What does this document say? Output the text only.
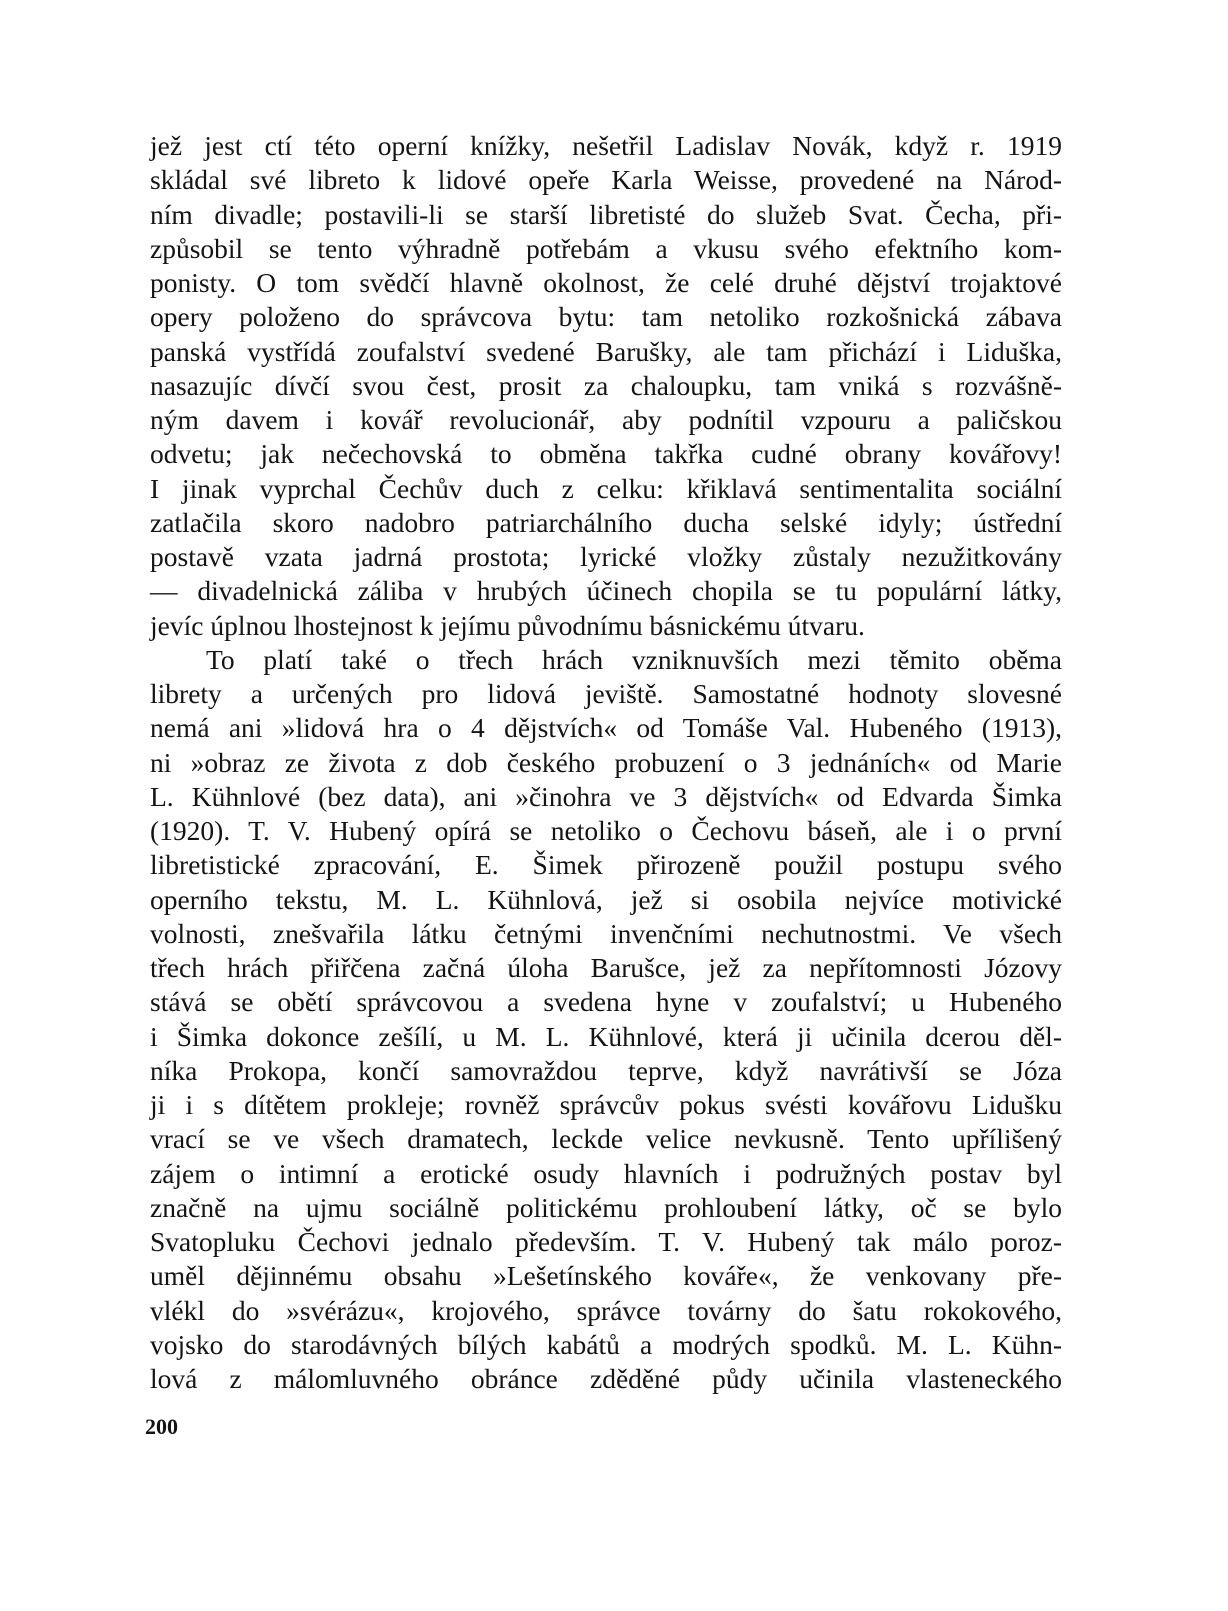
jež jest ctí této operní knížky, nešetřil Ladislav Novák, když r. 1919
skládal své libreto k lidové opeře Karla Weisse, provedené na Národ-
ním divadle; postavili-li se starší libretisté do služeb Svat. Čecha, při-
způsobil se tento výhradně potřebám a vkusu svého efektního kom-
ponisty. O tom svědčí hlavně okolnost, že celé druhé dějství trojaktové
opery položeno do správcova bytu: tam netoliko rozkošnická zábava
panská vystřídá zoufalství svedené Barušky, ale tam přichází i Liduška,
nasazujíc dívčí svou čest, prosit za chaloupku, tam vniká s rozvášně-
ným davem i kovář revolucionář, aby podnítil vzpouru a paličskou
odvetu; jak nečechovská to obměna takřka cudné obrany kovářovy!
I jinak vyprchal Čechův duch z celku: křiklavá sentimentalita sociální
zatlačila skoro nadobro patriarchálního ducha selské idyly; ústřední
postavě vzata jadrná prostota; lyrické vložky zůstaly nezužitkovány
— divadelnická záliba v hrubých účinech chopila se tu populární látky,
jevíc úplnou lhostejnost k jejímu původnímu básnickému útvaru.
To platí také o třech hrách vzniknuvších mezi těmito oběma
librety a určených pro lidová jeviště. Samostatné hodnoty slovesné
nemá ani »lidová hra o 4 dějstvích« od Tomáše Val. Hubeného (1913),
ni »obraz ze života z dob českého probuzení o 3 jednáních« od Marie
L. Kühnlové (bez data), ani »činohra ve 3 dějstvích« od Edvarda Šimka
(1920). T. V. Hubený opírá se netoliko o Čechovu báseň, ale i o první
libretistické zpracování, E. Šimek přirozeně použil postupu svého
operního tekstu, M. L. Kühnlová, jež si osobila nejvíce motivické
volnosti, znešvařila látku četnými invenčními nechutnostmi. Ve všech
třech hrách přiřčena začná úloha Barušce, jež za nepřítomnosti Józovy
stává se obětí správcovou a svedena hyne v zoufalství; u Hubeného
i Šimka dokonce zešílí, u M. L. Kühnlové, která ji učinila dcerou děl-
níka Prokopa, končí samovraždou teprve, když navrátivší se Józa
ji i s dítětem prokleje; rovněž správcův pokus svésti kovářovu Lidušku
vrací se ve všech dramatech, leckde velice nevkusně. Tento upřílišený
zájem o intimní a erotické osudy hlavních i podružných postav byl
značně na ujmu sociálně politickému prohloubení látky, oč se bylo
Svatopluku Čechovi jednalo především. T. V. Hubený tak málo poroz-
uměl dějinnému obsahu »Lešetínského kováře«, že venkovany pře-
vlékl do »svérázu«, krojového, správce továrny do šatu rokokového,
vojsko do starodávných bílých kabátů a modrých spodků. M. L. Kühn-
lová z málomluvného obránce zděděné půdy učinila vlasteneckého
200
